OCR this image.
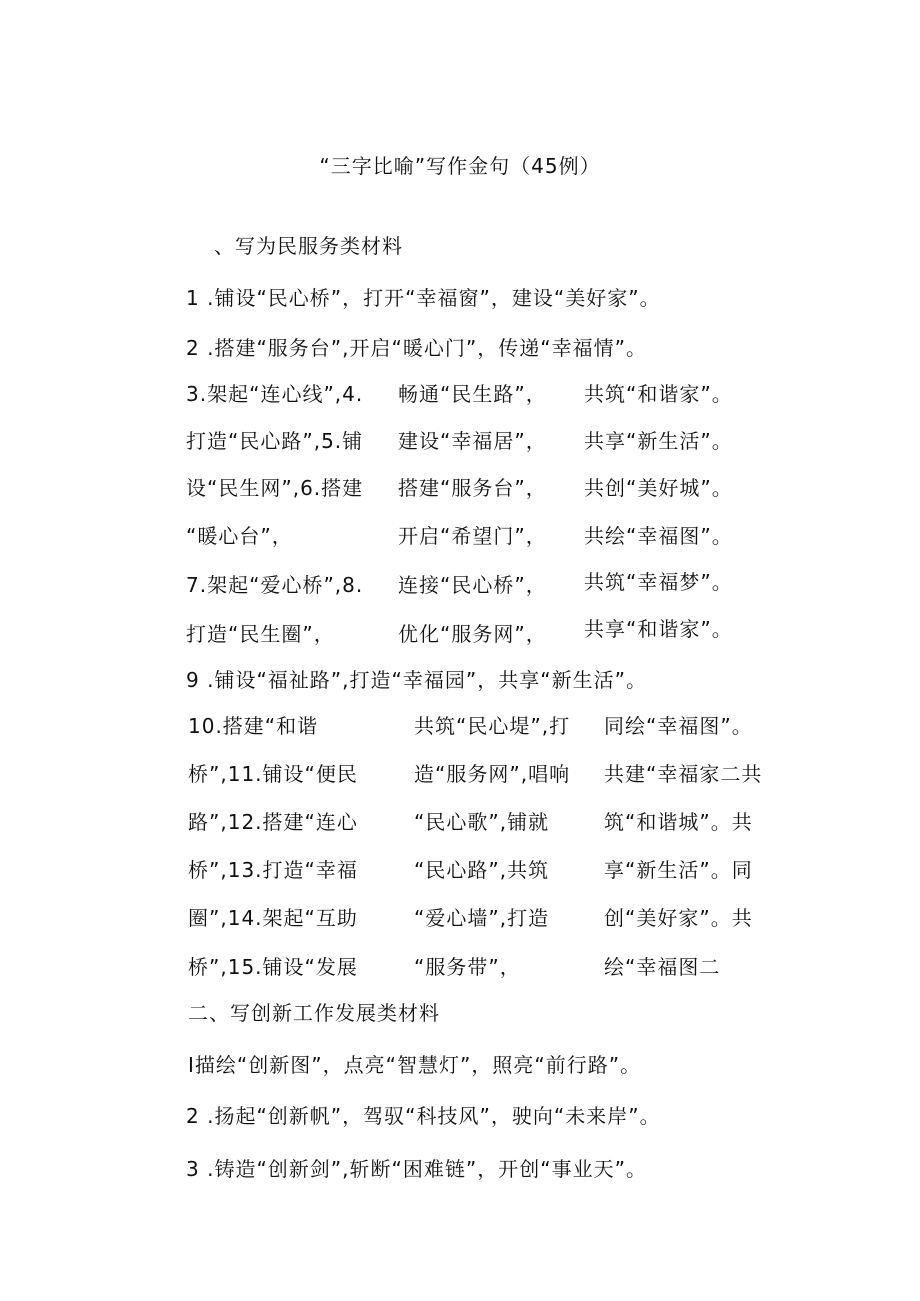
“三字比喻”写作金句（45例）
、写为民服务类材料
1 .铺设“民心桥”，打开“幸福窗”，建设“美好家”。
2 .搭建“服务台”,开启“暖心门”，传递“幸福情”。
3.架起“连心线”,4.
打造“民心路”,5.铺
设“民生网”,6.搭建
“暖心台”，
7.架起“爱心桥”,8.
打造“民生圈”，
畅通“民生路”，
建设“幸福居”，
搭建“服务台”，
开启“希望门”，
连接“民心桥”，
优化“服务网”，
共筑“和谐家”。
共享“新生活”。
共创“美好城”。
共绘“幸福图”。
共筑“幸福梦”。
共享“和谐家”。
9 .铺设“福祉路”,打造“幸福园”，共享“新生活”。
10.搭建“和谐
桥”,11.铺设“便民
路”,12.搭建“连心
桥”,13.打造“幸福
圈”,14.架起“互助
桥”,15.铺设“发展
共筑“民心堤”,打
造“服务网”,唱响
“民心歌”,铺就
“民心路”,共筑
“爱心墙”,打造
“服务带”，
同绘“幸福图”。
共建“幸福家二共
筑“和谐城”。共
享“新生活”。同
创“美好家”。共
绘“幸福图二
二、写创新工作发展类材料
I描绘“创新图”，点亮“智慧灯”，照亮“前行路”。
2 .扬起“创新帆”，驾驭“科技风”，驶向“未来岸”。
3 .铸造“创新剑”,斩断“困难链”，开创“事业天”。
